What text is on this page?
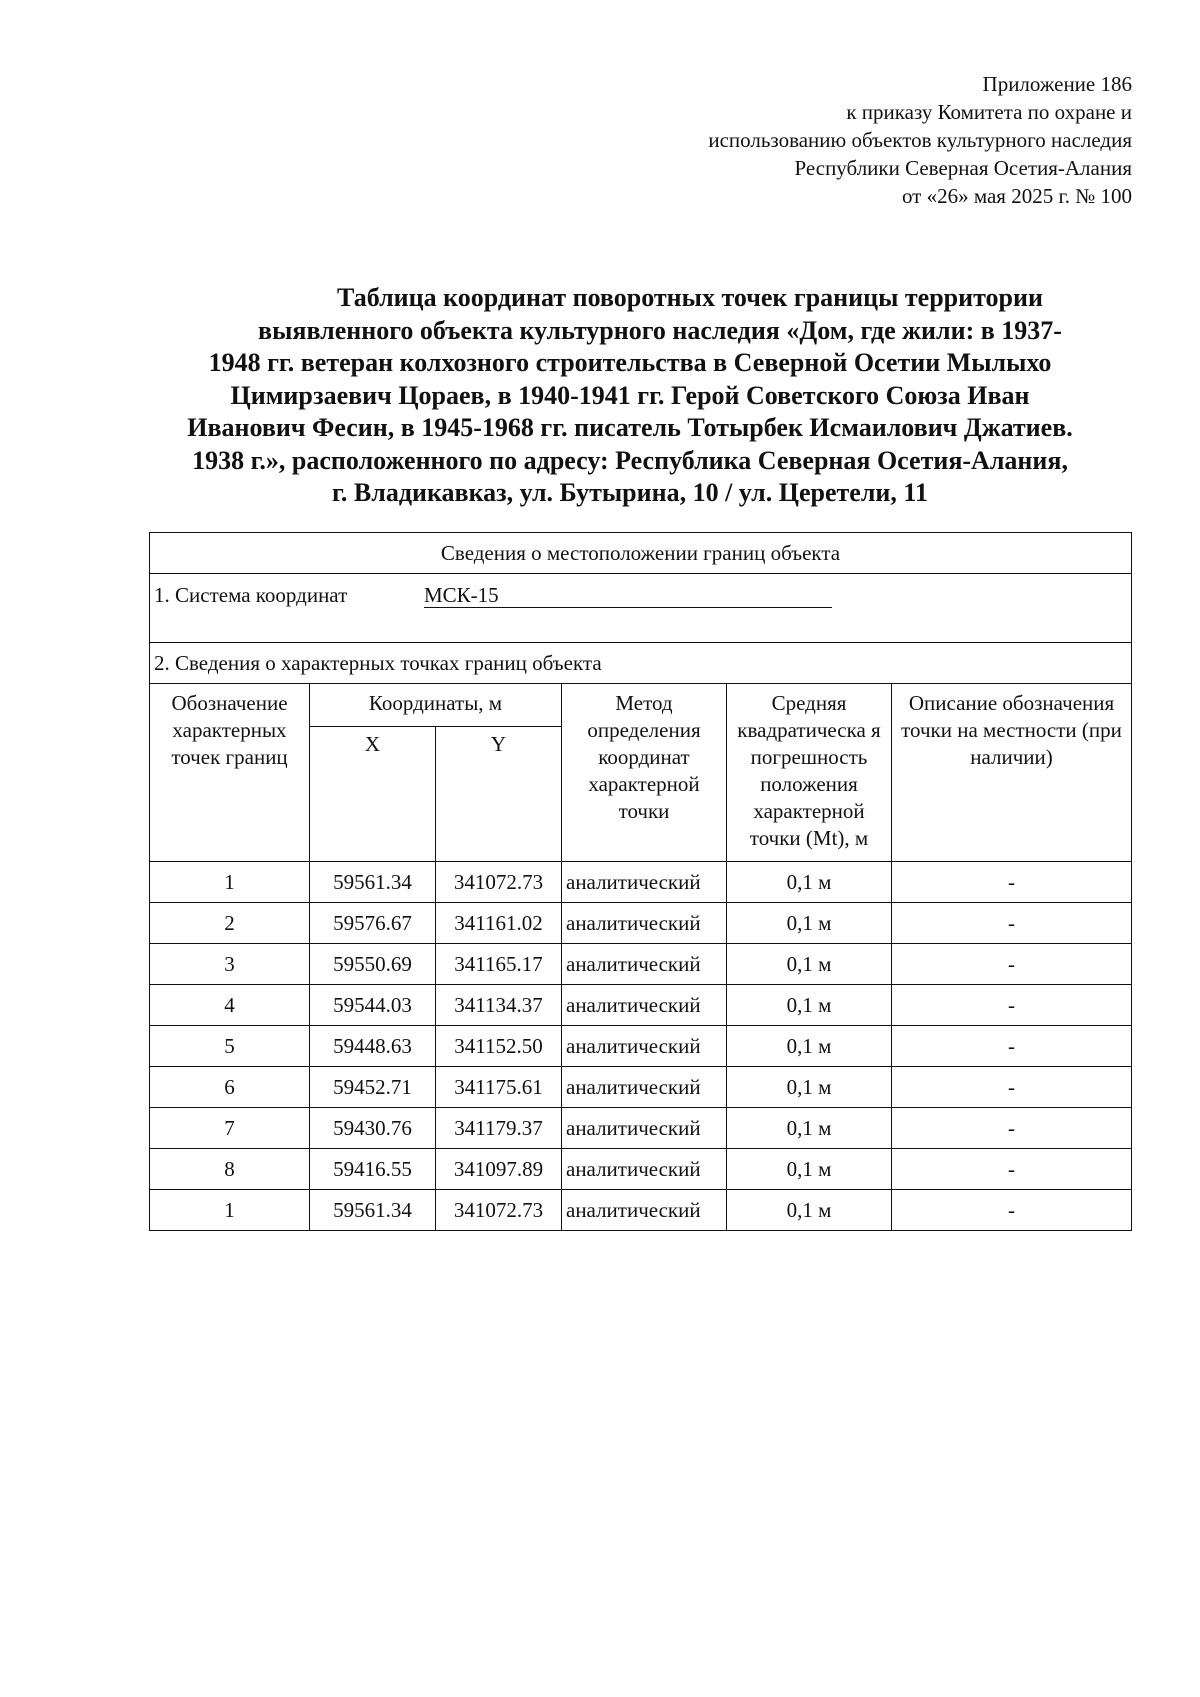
Приложение 186
к приказу Комитета по охране и
использованию объектов культурного наследия
Республики Северная Осетия-Алания
от «26» мая 2025 г. № 100
Таблица координат поворотных точек границы территории
выявленного объекта культурного наследия «Дом, где жили: в 1937-
1948 гг. ветеран колхозного строительства в Северной Осетии Мылыхо
Цимирзаевич Цораев, в 1940-1941 гг. Герой Советского Союза Иван
Иванович Фесин, в 1945-1968 гг. писатель Тотырбек Исмаилович Джатиев.
1938 г.», расположенного по адресу: Республика Северная Осетия-Алания,
г. Владикавказ, ул. Бутырина, 10 / ул. Церетели, 11
Сведения о местоположении границ объекта					
1. Система координат МСК-15					
2. Сведения о характерных точках границ объекта					
Обозначение характерных точек границ	Координаты, м		Метод определения координат характерной точки	Средняя квадратическа я погрешность положения характерной точки (Mt), м	Описание обозначения точки на местности (при наличии)
	X	Y			
1	59561.34	341072.73	аналитический	0,1 м	-
2	59576.67	341161.02	аналитический	0,1 м	-
3	59550.69	341165.17	аналитический	0,1 м	-
4	59544.03	341134.37	аналитический	0,1 м	-
5	59448.63	341152.50	аналитический	0,1 м	-
6	59452.71	341175.61	аналитический	0,1 м	-
7	59430.76	341179.37	аналитический	0,1 м	-
8	59416.55	341097.89	аналитический	0,1 м	-
1	59561.34	341072.73	аналитический	0,1 м	-
